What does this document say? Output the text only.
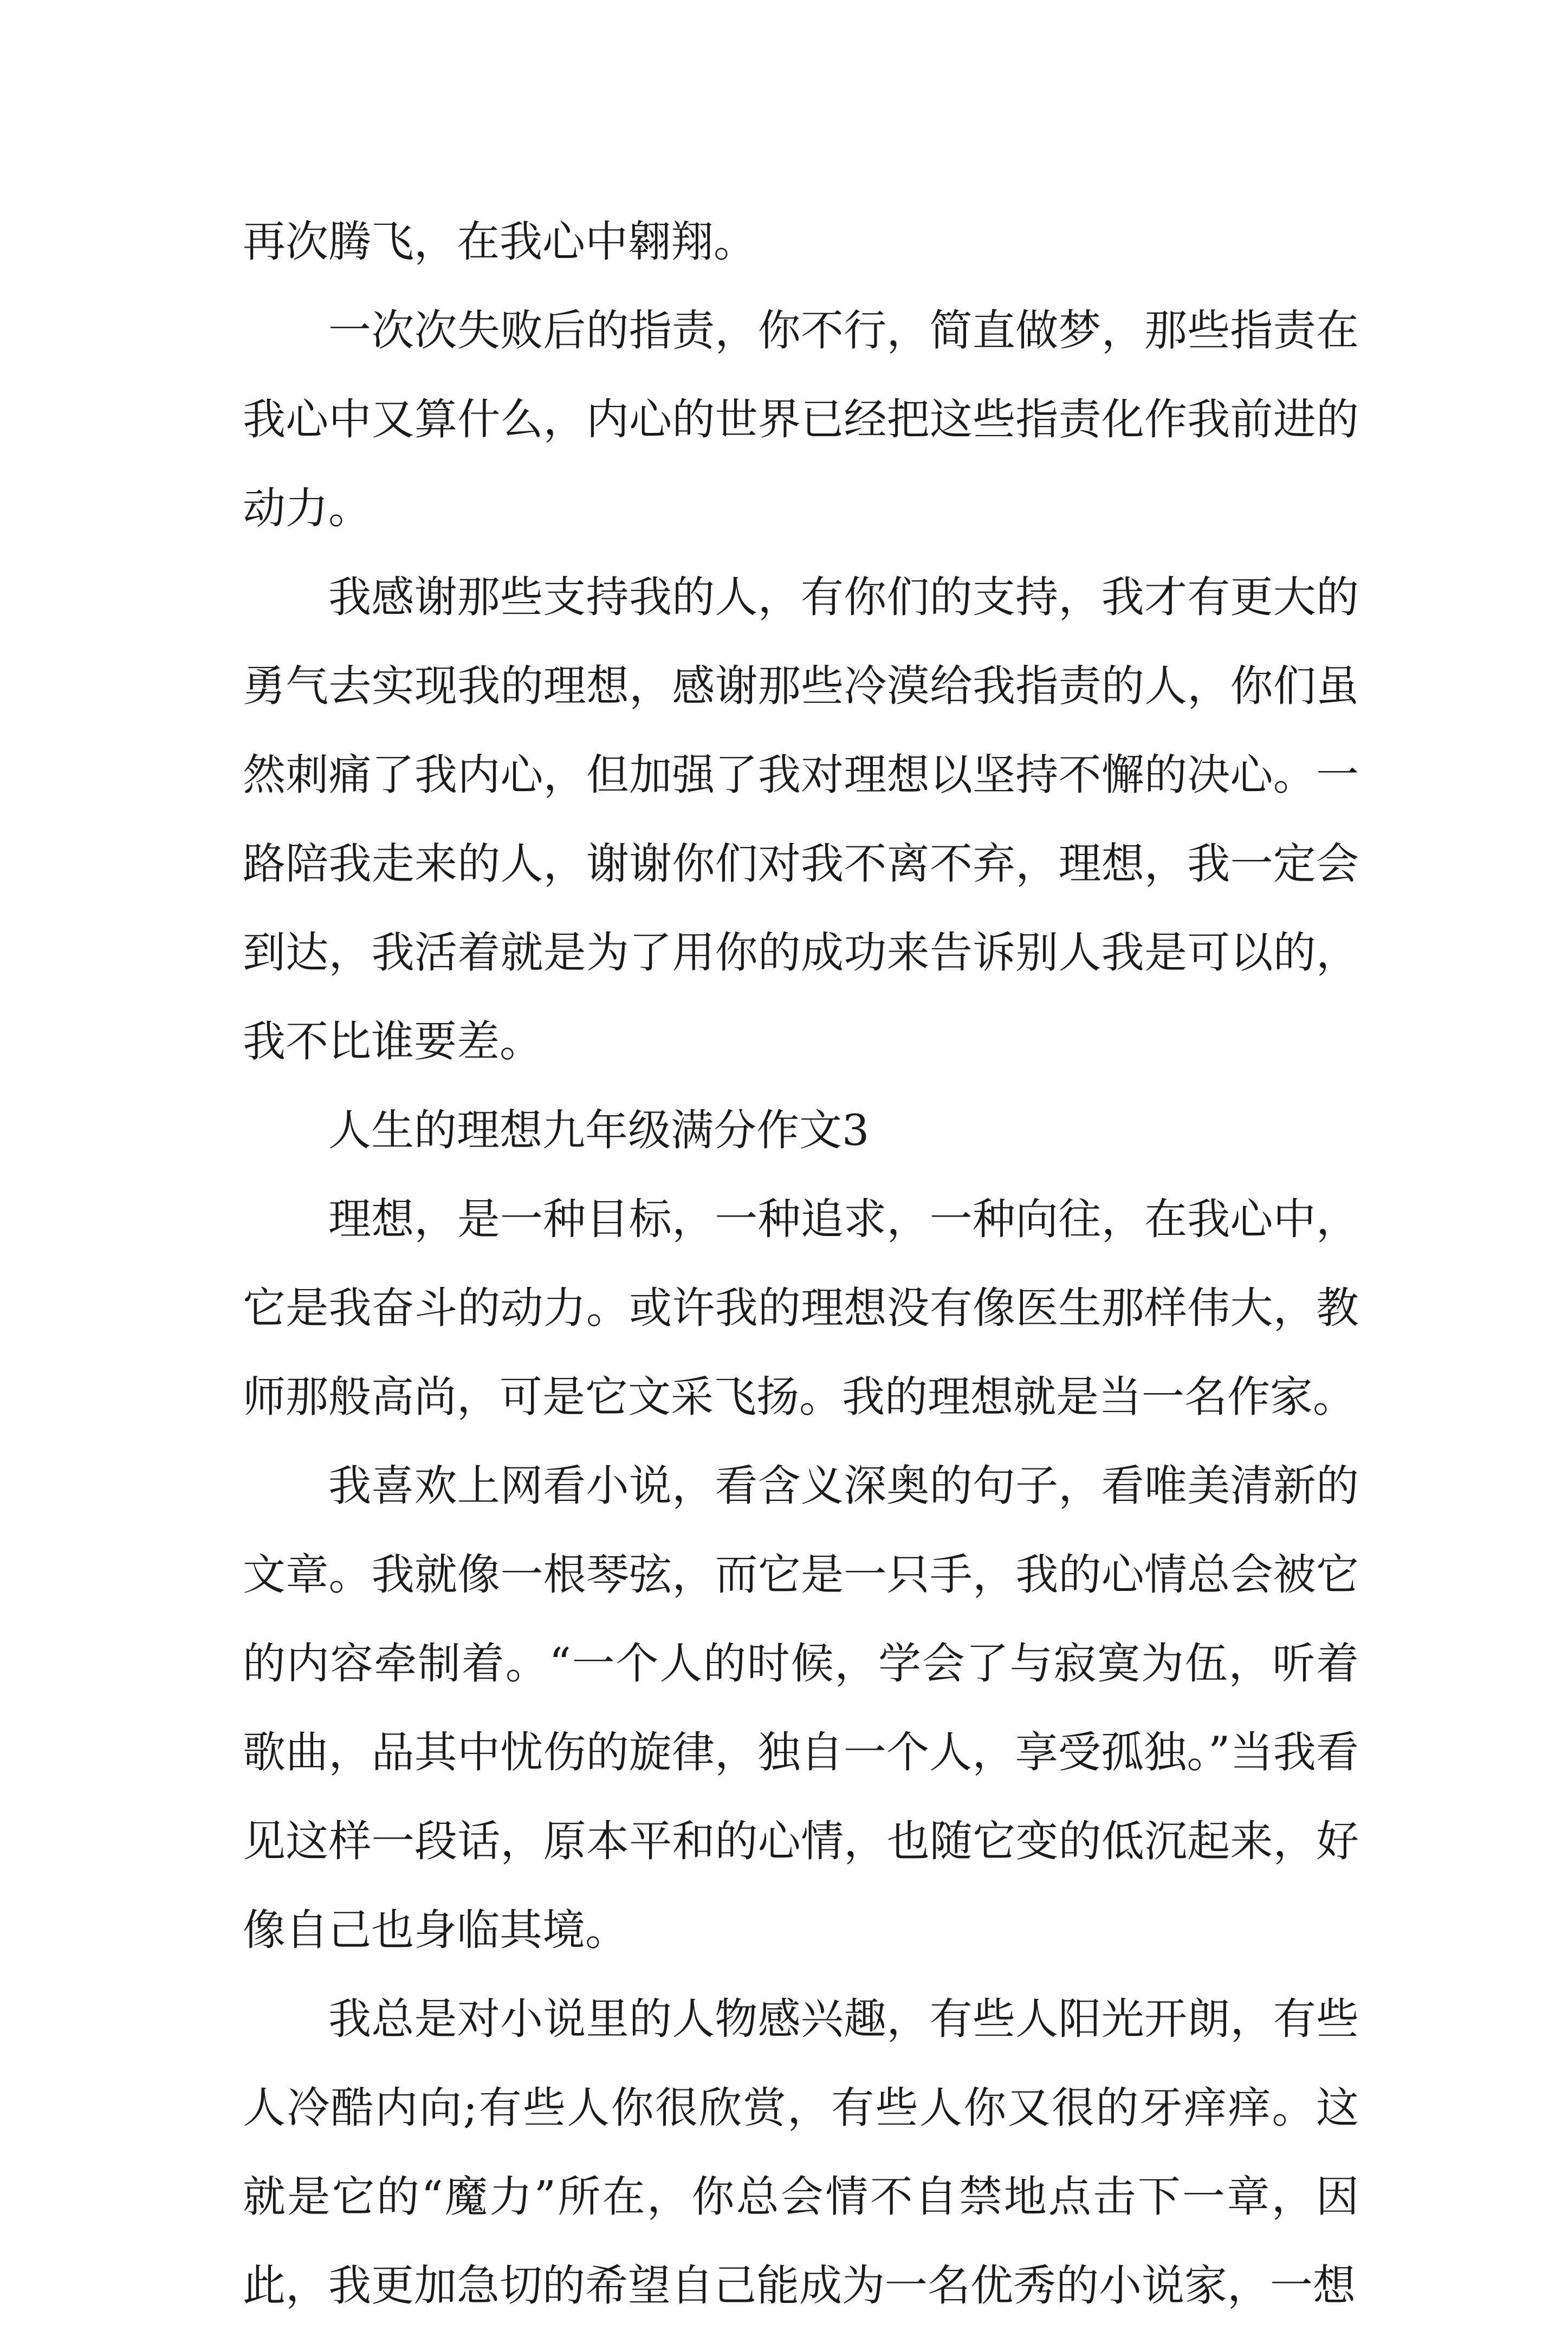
再次腾飞，在我心中翱翔。

一次次失败后的指责，你不行，简直做梦，那些指责在我心中又算什么，内心的世界已经把这些指责化作我前进的动力。

我感谢那些支持我的人，有你们的支持，我才有更大的勇气去实现我的理想，感谢那些冷漠给我指责的人，你们虽然刺痛了我内心，但加强了我对理想以坚持不懈的决心。一路陪我走来的人，谢谢你们对我不离不弃，理想，我一定会到达，我活着就是为了用你的成功来告诉别人我是可以的，我不比谁要差。

人生的理想九年级满分作文3

理想，是一种目标，一种追求，一种向往，在我心中，它是我奋斗的动力。或许我的理想没有像医生那样伟大，教师那般高尚，可是它文采飞扬。我的理想就是当一名作家。

我喜欢上网看小说，看含义深奥的句子，看唯美清新的文章。我就像一根琴弦，而它是一只手，我的心情总会被它的内容牵制着。“一个人的时候，学会了与寂寞为伍，听着歌曲，品其中忧伤的旋律，独自一个人，享受孤独。”当我看见这样一段话，原本平和的心情，也随它变的低沉起来，好像自己也身临其境。

我总是对小说里的人物感兴趣，有些人阳光开朗，有些人冷酷内向;有些人你很欣赏，有些人你又很的牙痒痒。这就是它的“魔力”所在，你总会情不自禁地点击下一章，因此，我更加急切的希望自己能成为一名优秀的小说家，一想
